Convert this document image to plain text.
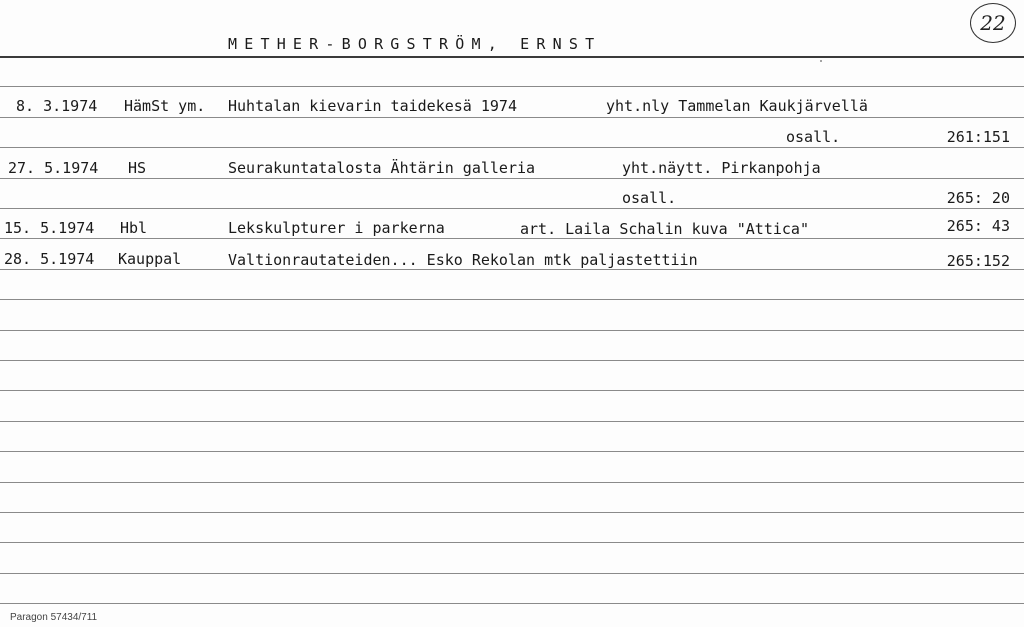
METHER-BORGSTRÖM, ERNST
22
8. 3.1974 HämSt ym. Huhtalan kievarin taidekesä 1974	yht.nly Tammelan Kaukjärvellä
osall.	261:151
27. 5.1974 HS	Seurakuntatalosta Ähtärin galleria	yht.näytt. Pirkanpohja
osall.	265: 20
15. 5.1974 Hbl	Lekskulpturer i parkerna	art. Laila Schalin kuva "Attica"	265: 43
28. 5.1974 Kauppal	Valtionrautateiden... Esko Rekolan mtk paljastettiin	265:152
Paragon 57434/711
